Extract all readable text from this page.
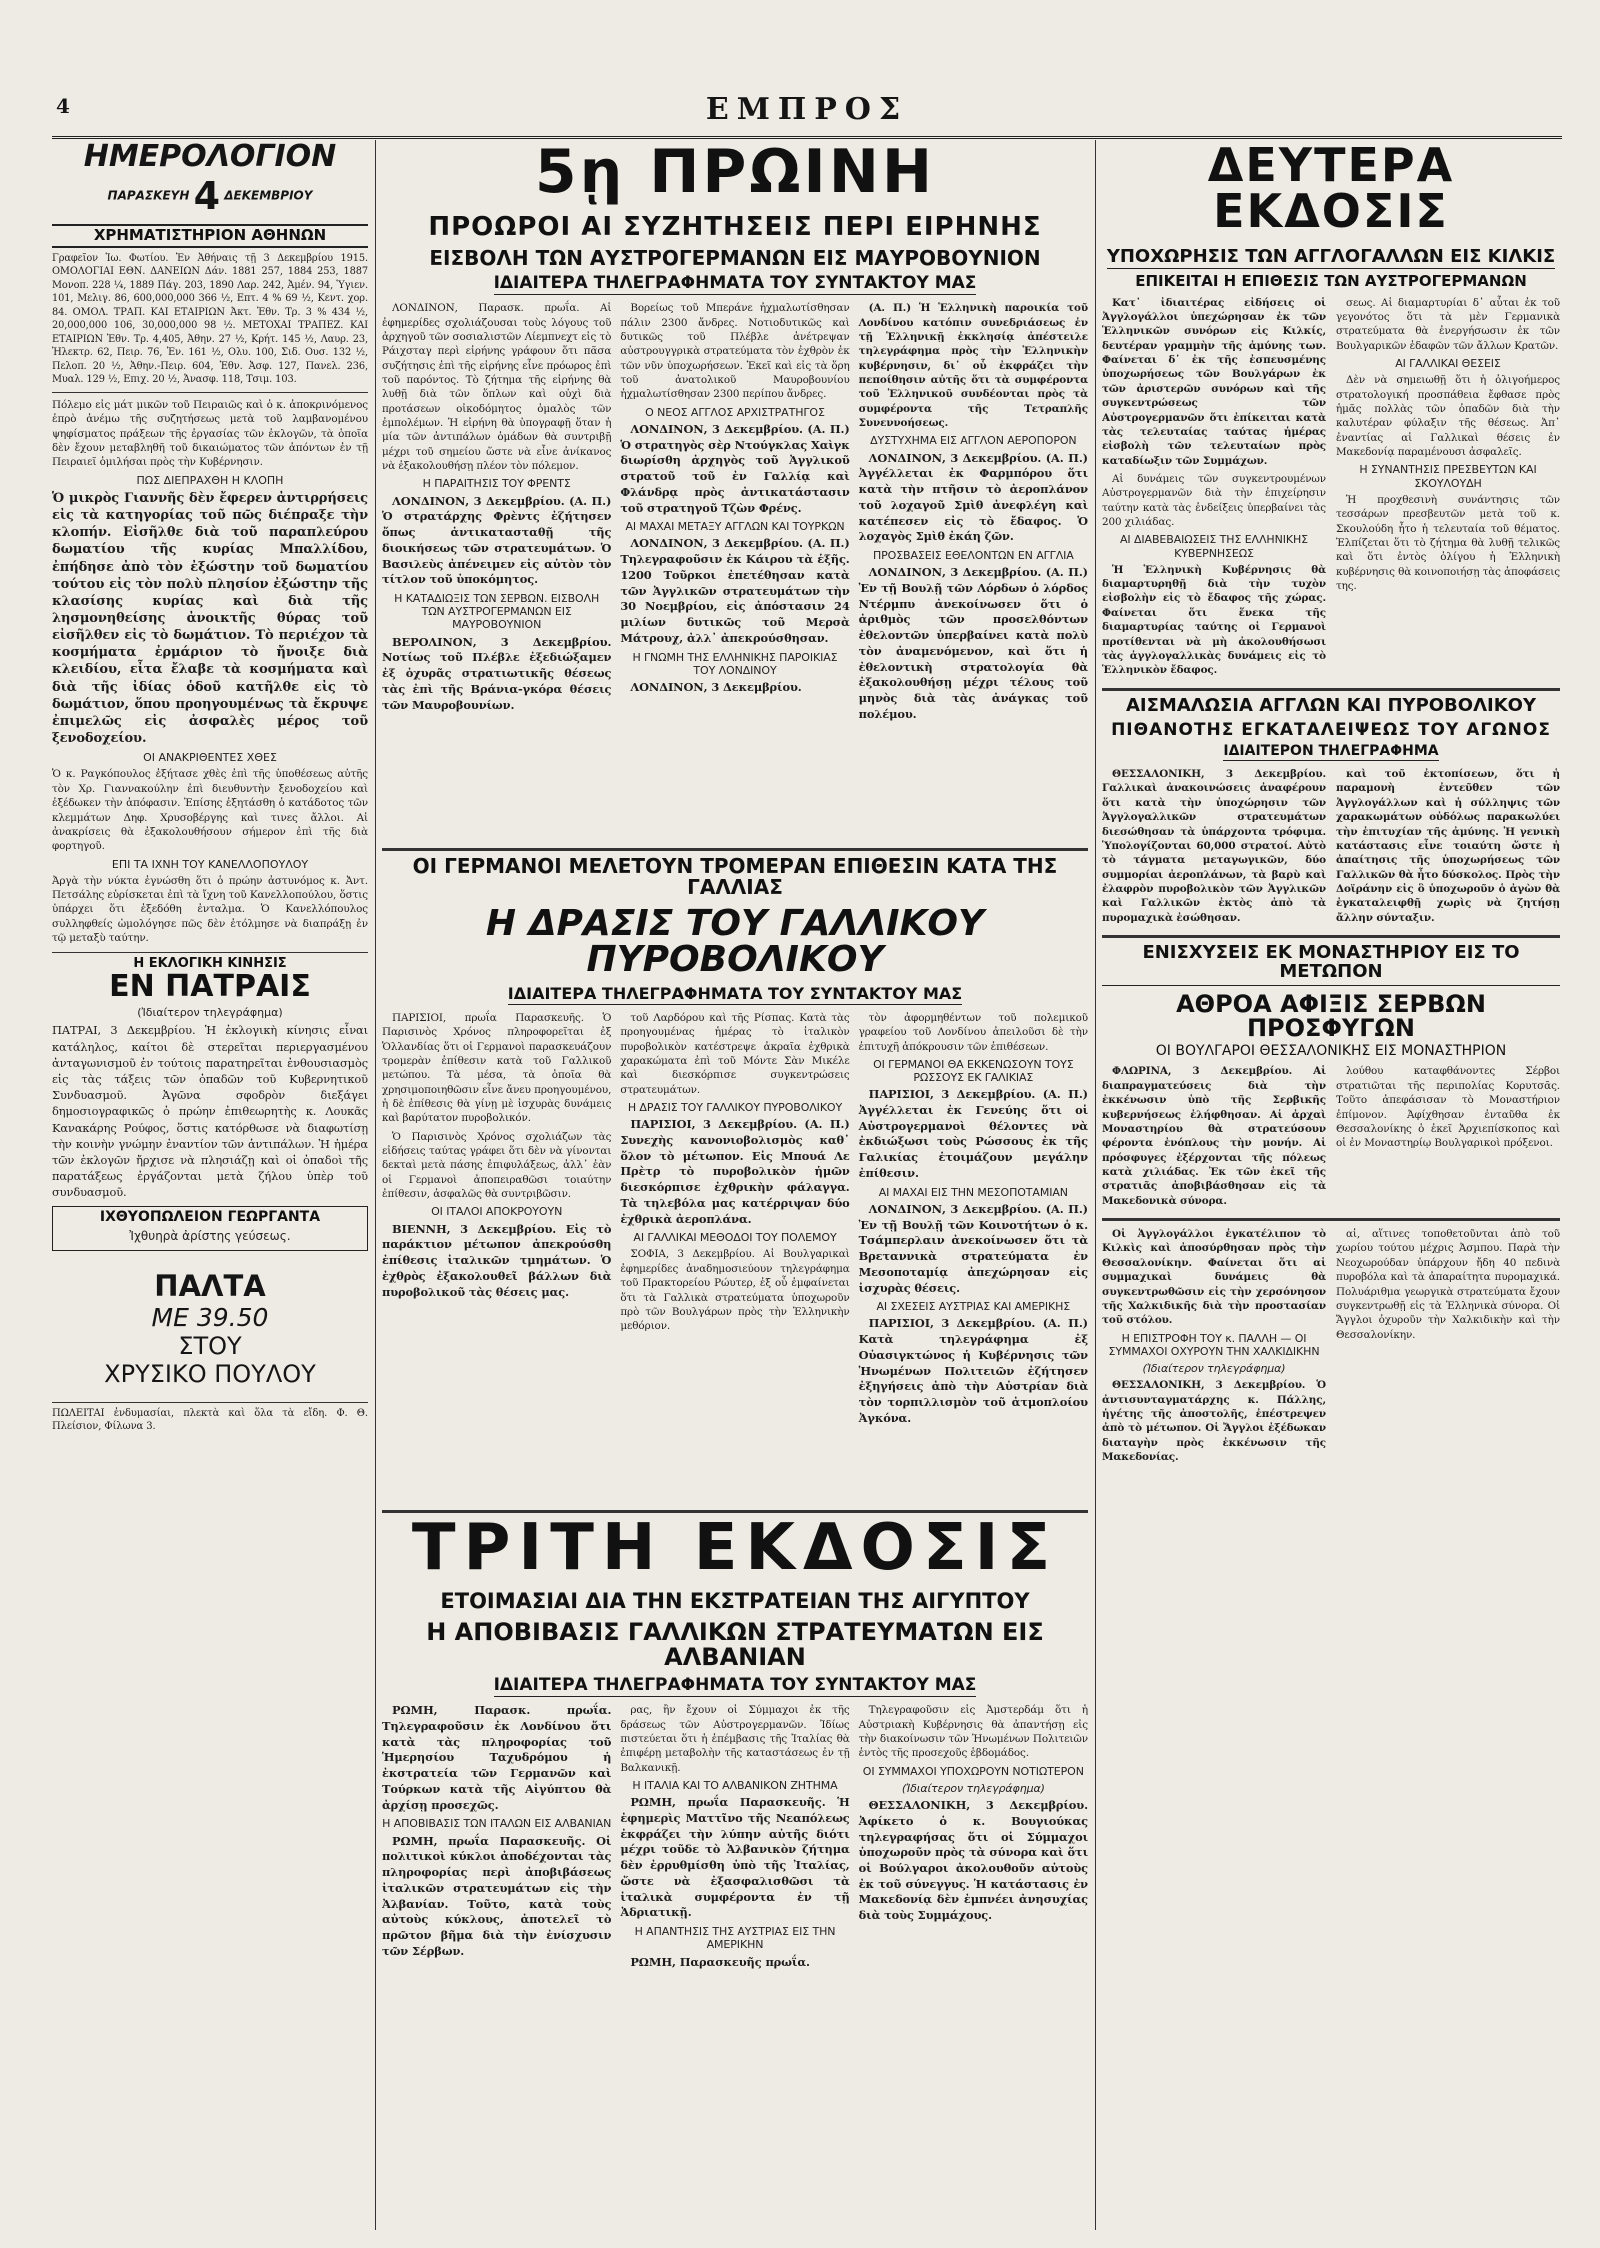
4	ΕΜΠΡΟΣ
ΗΜΕΡΟΛΟΓΙΟΝ
ΠΑΡΑΣΚΕΥΗ 4 ΔΕΚΕΜΒΡΙΟΥ
ΧΡΗΜΑΤΙΣΤΗΡΙΟΝ ΑΘΗΝΩΝ
Γραφεῖον Ἰω. Φωτίου. Ἐν Ἀθήναις τῇ 3 Δεκεμβρίου 1915. ΟΜΟΛΟΓΙΑΙ ΕΘΝ. ΔΑΝΕΙΩΝ Δάν. 1881 257, 1884 253, 1887 Μονοπ. 228 ¼, 1889 Πάγ. 203, 1890 Λαρ. 242, Ἀμέν. 94, Ὑγιεν. 101, Μελιγ. 86, 600,000,000 366 ½, Επτ. 4 % 69 ½, Κεντ. χορ. 84. ΟΜΟΛ. ΤΡΑΠ. ΚΑΙ ΕΤΑΙΡΙΩΝ Ἀκτ. Ἐθν. Τρ. 3 % 434 ½, 20,000,000 106, 30,000,000 98 ½. ΜΕΤΟΧΑΙ ΤΡΑΠΕΖ. ΚΑΙ ΕΤΑΙΡΙΩΝ Ἐθν. Τρ. 4,405, Ἀθην. 27 ½, Κρήτ. 145 ½, Λαυρ. 23, Ἠλεκτρ. 62, Πειρ. 76, Ἐν. 161 ½, Ολυ. 100, Σιδ. Ουσ. 132 ½, Πελοπ. 20 ½, Ἀθην.-Πειρ. 604, Ἐθν. Ἀσφ. 127, Πανελ. 236, Μυαλ. 129 ½, Επιχ. 20 ½, Ἀνασφ. 118, Τσιμ. 103.
Πόλεμο εἰς μάτ μικῶν τοῦ Πειραιῶς καὶ ὁ κ. ἀποκρινόμενος ἐπρὸ ἀνέμω τῆς συζητήσεως μετὰ τοῦ λαμβανομένου ψηφίσματος πράξεων τῆς ἐργασίας τῶν ἐκλογῶν, τὰ ὁποῖα δὲν ἔχουν μεταβληθῆ τοῦ δικαιώματος τῶν ἀπόντων ἐν τῇ Πειραιεῖ ὁμιλήσαι πρὸς τὴν Κυβέρνησιν.
ΠΩΣ ΔΙΕΠΡΑΧΘΗ Η ΚΛΟΠΗ
Ὁ μικρὸς Γιαννῆς δὲν ἔφερεν ἀντιρρήσεις εἰς τὰ κατηγορίας τοῦ πῶς διέπραξε τὴν κλοπήν. Εἰσῆλθε διὰ τοῦ παραπλεύρου δωματίου τῆς κυρίας Μπαλλίδου, ἐπήδησε ἀπὸ τὸν ἐξώστην τοῦ δωματίου τούτου εἰς τὸν πολὺ πλησίον ἐξώστην τῆς κλασίσης κυρίας καὶ διὰ τῆς λησμονηθείσης ἀνοικτῆς θύρας τοῦ εἰσῆλθεν εἰς τὸ δωμάτιον. Τὸ περιέχον τὰ κοσμήματα ἐρμάριον τὸ ἤνοιξε διὰ κλειδίου, εἶτα ἔλαβε τὰ κοσμήματα καὶ διὰ τῆς ἰδίας ὁδοῦ κατῆλθε εἰς τὸ δωμάτιον, ὅπου προηγουμένως τὰ ἔκρυψε ἐπιμελῶς εἰς ἀσφαλὲς μέρος τοῦ ξενοδοχείου.
ΟΙ ΑΝΑΚΡΙΘΕΝΤΕΣ ΧΘΕΣ
Ὁ κ. Ραγκόπουλος ἐξήτασε χθὲς ἐπὶ τῆς ὑποθέσεως αὐτῆς τὸν Χρ. Γιαννακούλην ἐπὶ διευθυντὴν ξενοδοχείου καὶ ἐξέδωκεν τὴν ἀπόφασιν. Ἐπίσης ἐξητάσθη ὁ κατάδοτος τῶν κλεμμάτων Δηφ. Χρυσοβέργης καὶ τινες ἄλλοι. Αἱ ἀνακρίσεις θὰ ἐξακολουθήσουν σήμερον ἐπὶ τῆς διὰ φορτηγοῦ.
ΕΠΙ ΤΑ ΙΧΝΗ ΤΟΥ ΚΑΝΕΛΛΟΠΟΥΛΟΥ
Ἀργὰ τὴν νύκτα ἐγνώσθη ὅτι ὁ πρώην ἀστυνόμος κ. Ἀντ. Πετσάλης εὑρίσκεται ἐπὶ τὰ ἴχνη τοῦ Κανελλοπούλου, ὅστις ὑπάρχει ὅτι ἐξεδόθη ἐνταλμα. Ὁ Κανελλόπουλος συλληφθείς ὡμολόγησε πῶς δὲν ἐτόλμησε νὰ διαπράξῃ ἐν τῷ μεταξὺ ταύτην.
Η ΕΚΛΟΓΙΚΗ ΚΙΝΗΣΙΣ
ΕΝ ΠΑΤΡΑΙΣ
(Ἰδιαίτερον τηλεγράφημα)
ΠΑΤΡΑΙ, 3 Δεκεμβρίου. Ἡ ἐκλογικὴ κίνησις εἶναι κατάληλος, καίτοι δὲ στερεῖται περιεργασμένου ἀνταγωνισμοῦ ἐν τούτοις παρατηρεῖται ἐνθουσιασμὸς εἰς τὰς τάξεις τῶν ὀπαδῶν τοῦ Κυβερνητικοῦ Συνδυασμοῦ. Ἀγῶνα σφοδρὸν διεξάγει δημοσιογραφικῶς ὁ πρώην ἐπιθεωρητὴς κ. Λουκᾶς Κανακάρης Ρούφος, ὅστις κατόρθωσε νὰ διαφωτίσῃ τὴν κοινὴν γνώμην ἐναντίον τῶν ἀντιπάλων. Ἡ ἡμέρα τῶν ἐκλογῶν ἤρχισε νὰ πλησιάζῃ καὶ οἱ ὀπαδοὶ τῆς παρατάξεως ἐργάζονται μετὰ ζήλου ὑπὲρ τοῦ συνδυασμοῦ.
ΙΧΘΥΟΠΩΛΕΙΟΝ ΓΕΩΡΓΑΝΤΑ
Ἰχθυηρὰ ἀρίστης γεύσεως.
ΠΑΛΤΑ
ΜΕ 39.50
ΣΤΟΥ
ΧΡΥΣΙΚΟ ΠΟΥΛΟΥ
ΠΩΛΕΙΤΑΙ ἐνδυμασίαι, πλεκτὰ καὶ ὅλα τὰ εἴδη. Φ. Θ. Πλείσιον, Φίλωνα 3.
5ῃ ΠΡΩΙΝΗ
ΠΡΟΩΡΟΙ ΑΙ ΣΥΖΗΤΗΣΕΙΣ ΠΕΡΙ ΕΙΡΗΝΗΣ
ΕΙΣΒΟΛΗ ΤΩΝ ΑΥΣΤΡΟΓΕΡΜΑΝΩΝ ΕΙΣ ΜΑΥΡΟΒΟΥΝΙΟΝ
ΙΔΙΑΙΤΕΡΑ ΤΗΛΕΓΡΑΦΗΜΑΤΑ ΤΟΥ ΣΥΝΤΑΚΤΟΥ ΜΑΣ

ΛΟΝΔΙΝΟΝ, Παρασκ. πρωΐα. Αἱ ἐφημερίδες σχολιάζουσαι τοὺς λόγους τοῦ ἀρχηγοῦ τῶν σοσιαλιστῶν Λίεμπνεχτ εἰς τὸ Ράιχσταγ περὶ εἰρήνης γράφουν ὅτι πᾶσα συζήτησις ἐπὶ τῆς εἰρήνης εἶνε πρόωρος ἐπὶ τοῦ παρόντος. Τὸ ζήτημα τῆς εἰρήνης θὰ λυθῇ διὰ τῶν ὅπλων καὶ οὐχὶ διὰ προτάσεων οἰκοδόμητος ὁμαλὸς τῶν ἐμπολέμων. Ἡ εἰρήνη θὰ ὑπογραφῇ ὅταν ἡ μία τῶν ἀντιπάλων ὁμάδων θὰ συντριβῇ μέχρι τοῦ σημείου ὥστε νὰ εἶνε ἀνίκανος νὰ ἐξακολουθήσῃ πλέον τὸν πόλεμον.

Η ΠΑΡΑΙΤΗΣΙΣ ΤΟΥ ΦΡΕΝΤΣ

ΛΟΝΔΙΝΟΝ, 3 Δεκεμβρίου. (Α. Π.) Ὁ στρατάρχης Φρὲντς ἐζήτησεν ὅπως ἀντικατασταθῇ τῆς διοικήσεως τῶν στρατευμάτων. Ὁ Βασιλεὺς ἀπένειμεν εἰς αὐτὸν τὸν τίτλον τοῦ ὑποκόμητος.

Η ΚΑΤΑΔΙΩΞΙΣ ΤΩΝ ΣΕΡΒΩΝ. ΕΙΣΒΟΛΗ ΤΩΝ ΑΥΣΤΡΟΓΕΡΜΑΝΩΝ ΕΙΣ ΜΑΥΡΟΒΟΥΝΙΟΝ

ΒΕΡΟΛΙΝΟΝ, 3 Δεκεμβρίου. Νοτίως τοῦ Πλέβλε ἐξεδιώξαμεν ἐξ ὀχυρᾶς στρατιωτικῆς θέσεως τὰς ἐπὶ τῆς Βράνια-γκόρα θέσεις τῶν Μαυροβουνίων.

Βορείως τοῦ Μπεράνε ἠχμαλωτίσθησαν πάλιν 2300 ἄνδρες. Νοτιοδυτικῶς καὶ δυτικῶς τοῦ Πλέβλε ἀνέτρεψαν αὐστρουγγρικὰ στρατεύματα τὸν ἐχθρὸν ἐκ τῶν νῦν ὑποχωρήσεων. Ἐκεῖ καὶ εἰς τὰ ὅρη τοῦ ἀνατολικοῦ Μαυροβουνίου ἠχμαλωτίσθησαν 2300 περίπου ἄνδρες.

Ο ΝΕΟΣ ΑΓΓΛΟΣ ΑΡΧΙΣΤΡΑΤΗΓΟΣ

ΛΟΝΔΙΝΟΝ, 3 Δεκεμβρίου. (Α. Π.) Ὁ στρατηγὸς σὲρ Ντούγκλας Χαὶγκ διωρίσθη ἀρχηγὸς τοῦ Ἀγγλικοῦ στρατοῦ τοῦ ἐν Γαλλίᾳ καὶ Φλάνδρᾳ πρὸς ἀντικατάστασιν τοῦ στρατηγοῦ Τζὼν Φρένς.

ΑΙ ΜΑΧΑΙ ΜΕΤΑΞΥ ΑΓΓΛΩΝ ΚΑΙ ΤΟΥΡΚΩΝ

ΛΟΝΔΙΝΟΝ, 3 Δεκεμβρίου. (Α. Π.) Τηλεγραφοῦσιν ἐκ Κάιρου τὰ ἑξῆς. 1200 Τοῦρκοι ἐπετέθησαν κατὰ τῶν Ἀγγλικῶν στρατευμάτων τὴν 30 Νοεμβρίου, εἰς ἀπόστασιν 24 μιλίων δυτικῶς τοῦ Μερσὰ Μάτρουχ, ἀλλ᾽ ἀπεκρούσθησαν.

Η ΓΝΩΜΗ ΤΗΣ ΕΛΛΗΝΙΚΗΣ ΠΑΡΟΙΚΙΑΣ ΤΟΥ ΛΟΝΔΙΝΟΥ

ΛΟΝΔΙΝΟΝ, 3 Δεκεμβρίου.

(Α. Π.) Ἡ Ἑλληνικὴ παροικία τοῦ Λονδίνου κατόπιν συνεδριάσεως ἐν τῇ Ἑλληνικῇ ἐκκλησίᾳ ἀπέστειλε τηλεγράφημα πρὸς τὴν Ἑλληνικὴν κυβέρνησιν, δι᾽ οὗ ἐκφράζει τὴν πεποίθησιν αὐτῆς ὅτι τὰ συμφέροντα τοῦ Ἑλληνικοῦ συνδέονται πρὸς τὰ συμφέροντα τῆς Τετραπλῆς Συνεννοήσεως.

ΔΥΣΤΥΧΗΜΑ ΕΙΣ ΑΓΓΛΟΝ ΑΕΡΟΠΟΡΟΝ

ΛΟΝΔΙΝΟΝ, 3 Δεκεμβρίου. (Α. Π.) Ἀγγέλλεται ἐκ Φαρμπόρου ὅτι κατὰ τὴν πτῆσιν τὸ ἀεροπλάνον τοῦ λοχαγοῦ Σμὶθ ἀνεφλέγη καὶ κατέπεσεν εἰς τὸ ἔδαφος. Ὁ λοχαγὸς Σμὶθ ἐκάη ζῶν.

ΠΡΟΣΒΑΣΕΙΣ ΕΘΕΛΟΝΤΩΝ ΕΝ ΑΓΓΛΙΑ

ΛΟΝΔΙΝΟΝ, 3 Δεκεμβρίου. (Α. Π.) Ἐν τῇ Βουλῇ τῶν Λόρδων ὁ λόρδος Ντέρμπυ ἀνεκοίνωσεν ὅτι ὁ ἀριθμὸς τῶν προσελθόντων ἐθελοντῶν ὑπερβαίνει κατὰ πολὺ τὸν ἀναμενόμενον, καὶ ὅτι ἡ ἐθελοντικὴ στρατολογία θὰ ἐξακολουθήσῃ μέχρι τέλους τοῦ μηνὸς διὰ τὰς ἀνάγκας τοῦ πολέμου.

ΟΙ ΓΕΡΜΑΝΟΙ ΜΕΛΕΤΟΥΝ ΤΡΟΜΕΡΑΝ ΕΠΙΘΕΣΙΝ ΚΑΤΑ ΤΗΣ ΓΑΛΛΙΑΣ
Η ΔΡΑΣΙΣ ΤΟΥ ΓΑΛΛΙΚΟΥ ΠΥΡΟΒΟΛΙΚΟΥ
ΙΔΙΑΙΤΕΡΑ ΤΗΛΕΓΡΑΦΗΜΑΤΑ ΤΟΥ ΣΥΝΤΑΚΤΟΥ ΜΑΣ

ΠΑΡΙΣΙΟΙ, πρωΐα Παρασκευῆς. Ὁ Παρισινὸς Χρόνος πληροφορεῖται ἐξ Ὁλλανδίας ὅτι οἱ Γερμανοὶ παρασκευάζουν τρομερὰν ἐπίθεσιν κατὰ τοῦ Γαλλικοῦ μετώπου. Τὰ μέσα, τὰ ὁποῖα θὰ χρησιμοποιηθῶσιν εἶνε ἄνευ προηγουμένου, ἡ δὲ ἐπίθεσις θὰ γίνῃ μὲ ἰσχυρὰς δυνάμεις καὶ βαρύτατον πυροβολικόν.

Ὁ Παρισινὸς Χρόνος σχολιάζων τὰς εἰδήσεις ταύτας γράφει ὅτι δὲν νὰ γίνονται δεκταὶ μετὰ πάσης ἐπιφυλάξεως, ἀλλ᾽ ἐὰν οἱ Γερμανοὶ ἀποπειραθῶσι τοιαύτην ἐπίθεσιν, ἀσφαλῶς θὰ συντριβῶσιν.

ΟΙ ΙΤΑΛΟΙ ΑΠΟΚΡΟΥΟΥΝ

ΒΙΕΝΝΗ, 3 Δεκεμβρίου. Εἰς τὸ παράκτιον μέτωπον ἀπεκρούσθη ἐπίθεσις ἰταλικῶν τμημάτων. Ὁ ἐχθρὸς ἐξακολουθεῖ βάλλων διὰ πυροβολικοῦ τὰς θέσεις μας.

τοῦ Λαρδόρου καὶ τῆς Ρίσπας. Κατὰ τὰς προηγουμένας ἡμέρας τὸ ἰταλικὸν πυροβολικὸν κατέστρεψε ἀκραῖα ἐχθρικὰ χαρακώματα ἐπὶ τοῦ Μόντε Σὰν Μικέλε καὶ διεσκόρπισε συγκεντρώσεις στρατευμάτων.

Η ΔΡΑΣΙΣ ΤΟΥ ΓΑΛΛΙΚΟΥ ΠΥΡΟΒΟΛΙΚΟΥ

ΠΑΡΙΣΙΟΙ, 3 Δεκεμβρίου. (Α. Π.) Συνεχὴς κανονιοβολισμὸς καθ᾽ ὅλον τὸ μέτωπον. Εἰς Μπουά Λε Πρὲτρ τὸ πυροβολικὸν ἡμῶν διεσκόρπισε ἐχθρικὴν φάλαγγα. Τὰ τηλεβόλα μας κατέρριψαν δύο ἐχθρικὰ ἀεροπλάνα.

ΑΙ ΓΑΛΛΙΚΑΙ ΜΕΘΟΔΟΙ ΤΟΥ ΠΟΛΕΜΟΥ

ΣΟΦΙΑ, 3 Δεκεμβρίου. Αἱ Βουλγαρικαὶ ἐφημερίδες ἀναδημοσιεύουν τηλεγράφημα τοῦ Πρακτορείου Ρώυτερ, ἐξ οὗ ἐμφαίνεται ὅτι τὰ Γαλλικὰ στρατεύματα ὑποχωροῦν πρὸ τῶν Βουλγάρων πρὸς τὴν Ἑλληνικὴν μεθόριον.

τὸν ἀφορμηθέντων τοῦ πολεμικοῦ γραφείου τοῦ Λονδίνου ἀπειλοῦσι δὲ τὴν ἐπιτυχῆ ἀπόκρουσιν τῶν ἐπιθέσεων.

ΟΙ ΓΕΡΜΑΝΟΙ ΘΑ ΕΚΚΕΝΩΣΟΥΝ ΤΟΥΣ ΡΩΣΣΟΥΣ ΕΚ ΓΑΛΙΚΙΑΣ

ΠΑΡΙΣΙΟΙ, 3 Δεκεμβρίου. (Α. Π.) Ἀγγέλλεται ἐκ Γενεύης ὅτι οἱ Αὐστρογερμανοὶ θέλοντες νὰ ἐκδιώξωσι τοὺς Ρώσσους ἐκ τῆς Γαλικίας ἑτοιμάζουν μεγάλην ἐπίθεσιν.

ΑΙ ΜΑΧΑΙ ΕΙΣ ΤΗΝ ΜΕΣΟΠΟΤΑΜΙΑΝ

ΛΟΝΔΙΝΟΝ, 3 Δεκεμβρίου. (Α. Π.) Ἐν τῇ Βουλῇ τῶν Κοινοτήτων ὁ κ. Τσάμπερλαιν ἀνεκοίνωσεν ὅτι τὰ Βρεταννικὰ στρατεύματα ἐν Μεσοποταμίᾳ ἀπεχώρησαν εἰς ἰσχυρὰς θέσεις.

ΑΙ ΣΧΕΣΕΙΣ ΑΥΣΤΡΙΑΣ ΚΑΙ ΑΜΕΡΙΚΗΣ

ΠΑΡΙΣΙΟΙ, 3 Δεκεμβρίου. (Α. Π.) Κατὰ τηλεγράφημα ἐξ Οὐασιγκτώνος ἡ Κυβέρνησις τῶν Ἡνωμένων Πολιτειῶν ἐζήτησεν ἐξηγήσεις ἀπὸ τὴν Αὐστρίαν διὰ τὸν τορπιλλισμὸν τοῦ ἀτμοπλοίου Ἀγκόνα.

ΤΡΙΤΗ ΕΚΔΟΣΙΣ
ΕΤΟΙΜΑΣΙΑΙ ΔΙΑ ΤΗΝ ΕΚΣΤΡΑΤΕΙΑΝ ΤΗΣ ΑΙΓΥΠΤΟΥ
Η ΑΠΟΒΙΒΑΣΙΣ ΓΑΛΛΙΚΩΝ ΣΤΡΑΤΕΥΜΑΤΩΝ ΕΙΣ ΑΛΒΑΝΙΑΝ
ΙΔΙΑΙΤΕΡΑ ΤΗΛΕΓΡΑΦΗΜΑΤΑ ΤΟΥ ΣΥΝΤΑΚΤΟΥ ΜΑΣ

ΡΩΜΗ, Παρασκ. πρωΐα. Τηλεγραφοῦσιν ἐκ Λονδίνου ὅτι κατὰ τὰς πληροφορίας τοῦ Ἡμερησίου Ταχυδρόμου ἡ ἐκστρατεία τῶν Γερμανῶν καὶ Τούρκων κατὰ τῆς Αἰγύπτου θὰ ἀρχίσῃ προσεχῶς.

Η ΑΠΟΒΙΒΑΣΙΣ ΤΩΝ ΙΤΑΛΩΝ ΕΙΣ ΑΛΒΑΝΙΑΝ

ΡΩΜΗ, πρωΐα Παρασκευῆς. Οἱ πολιτικοὶ κύκλοι ἀποδέχονται τὰς πληροφορίας περὶ ἀποβιβάσεως ἰταλικῶν στρατευμάτων εἰς τὴν Ἀλβανίαν. Τοῦτο, κατὰ τοὺς αὐτοὺς κύκλους, ἀποτελεῖ τὸ πρῶτον βῆμα διὰ τὴν ἐνίσχυσιν τῶν Σέρβων.

ρας, ἢν ἔχουν οἱ Σύμμαχοι ἐκ τῆς δράσεως τῶν Αὐστρογερμανῶν. Ἰδίως πιστεύεται ὅτι ἡ ἐπέμβασις τῆς Ἰταλίας θὰ ἐπιφέρῃ μεταβολὴν τῆς καταστάσεως ἐν τῇ Βαλκανικῇ.

Η ΙΤΑΛΙΑ ΚΑΙ ΤΟ ΑΛΒΑΝΙΚΟΝ ΖΗΤΗΜΑ

ΡΩΜΗ, πρωΐα Παρασκευῆς. Ἡ ἐφημερὶς Ματτῖνο τῆς Νεαπόλεως ἐκφράζει τὴν λύπην αὐτῆς διότι μέχρι τοῦδε τὸ Ἀλβανικὸν ζήτημα δὲν ἐρρυθμίσθη ὑπὸ τῆς Ἰταλίας, ὥστε νὰ ἐξασφαλισθῶσι τὰ ἰταλικὰ συμφέροντα ἐν τῇ Ἀδριατικῇ.

Η ΑΠΑΝΤΗΣΙΣ ΤΗΣ ΑΥΣΤΡΙΑΣ ΕΙΣ ΤΗΝ ΑΜΕΡΙΚΗΝ

ΡΩΜΗ, Παρασκευῆς πρωΐα.

Τηλεγραφοῦσιν εἰς Ἀμστερδάμ ὅτι ἡ Αὐστριακὴ Κυβέρνησις θὰ ἀπαντήσῃ εἰς τὴν διακοίνωσιν τῶν Ἡνωμένων Πολιτειῶν ἐντὸς τῆς προσεχοῦς ἑβδομάδος.

ΟΙ ΣΥΜΜΑΧΟΙ ΥΠΟΧΩΡΟΥΝ ΝΟΤΙΩΤΕΡΟΝ
(Ἰδιαίτερον τηλεγράφημα)

ΘΕΣΣΑΛΟΝΙΚΗ, 3 Δεκεμβρίου. Ἀφίκετο ὁ κ. Βουγιούκας τηλεγραφήσας ὅτι οἱ Σύμμαχοι ὑποχωροῦν πρὸς τὰ σύνορα καὶ ὅτι οἱ Βούλγαροι ἀκολουθοῦν αὐτοὺς ἐκ τοῦ σύνεγγυς. Ἡ κατάστασις ἐν Μακεδονίᾳ δὲν ἐμπνέει ἀνησυχίας διὰ τοὺς Συμμάχους.

ΔΕΥΤΕΡΑ ΕΚΔΟΣΙΣ
ΥΠΟΧΩΡΗΣΙΣ ΤΩΝ ΑΓΓΛΟΓΑΛΛΩΝ ΕΙΣ ΚΙΛΚΙΣ
ΕΠΙΚΕΙΤΑΙ Η ΕΠΙΘΕΣΙΣ ΤΩΝ ΑΥΣΤΡΟΓΕΡΜΑΝΩΝ

Κατ᾽ ἰδιαιτέρας εἰδήσεις οἱ Ἀγγλογάλλοι ὑπεχώρησαν ἐκ τῶν Ἑλληνικῶν συνόρων εἰς Κιλκίς, δευτέραν γραμμὴν τῆς ἀμύνης των. Φαίνεται δ᾽ ἐκ τῆς ἐσπευσμένης ὑποχωρήσεως τῶν Βουλγάρων ἐκ τῶν ἀριστερῶν συνόρων καὶ τῆς συγκεντρώσεως τῶν Αὐστρογερμανῶν ὅτι ἐπίκειται κατὰ τὰς τελευταίας ταύτας ἡμέρας εἰσβολὴ τῶν τελευταίων πρὸς καταδίωξιν τῶν Συμμάχων.

Αἱ δυνάμεις τῶν συγκεντρουμένων Αὐστρογερμανῶν διὰ τὴν ἐπιχείρησιν ταύτην κατὰ τὰς ἐνδείξεις ὑπερβαίνει τὰς 200 χιλιάδας.

ΑΙ ΔΙΑΒΕΒΑΙΩΣΕΙΣ ΤΗΣ ΕΛΛΗΝΙΚΗΣ ΚΥΒΕΡΝΗΣΕΩΣ

Ἡ Ἑλληνικὴ Κυβέρνησις θὰ διαμαρτυρηθῇ διὰ τὴν τυχὸν εἰσβολὴν εἰς τὸ ἔδαφος τῆς χώρας. Φαίνεται ὅτι ἕνεκα τῆς διαμαρτυρίας ταύτης οἱ Γερμανοὶ προτίθενται νὰ μὴ ἀκολουθήσωσι τὰς ἀγγλογαλλικὰς δυνάμεις εἰς τὸ Ἑλληνικὸν ἔδαφος.

σεως. Αἱ διαμαρτυρίαι δ᾽ αὗται ἐκ τοῦ γεγονότος ὅτι τὰ μὲν Γερμανικὰ στρατεύματα θὰ ἐνεργήσωσιν ἐκ τῶν Βουλγαρικῶν ἐδαφῶν τῶν ἄλλων Κρατῶν.

ΑΙ ΓΑΛΛΙΚΑΙ ΘΕΣΕΙΣ

Δὲν νὰ σημειωθῇ ὅτι ἡ ὀλιγοήμερος στρατολογική προσπάθεια ἔφθασε πρὸς ἡμᾶς πολλὰς τῶν ὀπαδῶν διὰ τὴν καλυτέραν φύλαξιν τῆς θέσεως. Ἀπ᾽ ἐναντίας αἱ Γαλλικαὶ θέσεις ἐν Μακεδονίᾳ παραμένουσι ἀσφαλεῖς.

Η ΣΥΝΑΝΤΗΣΙΣ ΠΡΕΣΒΕΥΤΩΝ ΚΑΙ ΣΚΟΥΛΟΥΔΗ

Ἡ προχθεσινὴ συνάντησις τῶν τεσσάρων πρεσβευτῶν μετὰ τοῦ κ. Σκουλούδη ἦτο ἡ τελευταία τοῦ θέματος. Ἐλπίζεται ὅτι τὸ ζήτημα θὰ λυθῇ τελικῶς καὶ ὅτι ἐντὸς ὀλίγου ἡ Ἑλληνικὴ κυβέρνησις θὰ κοινοποιήσῃ τὰς ἀποφάσεις της.

ΑΙΣΜΑΛΩΣΙΑ ΑΓΓΛΩΝ ΚΑΙ ΠΥΡΟΒΟΛΙΚΟΥ
ΠΙΘΑΝΟΤΗΣ ΕΓΚΑΤΑΛΕΙΨΕΩΣ ΤΟΥ ΑΓΩΝΟΣ
ΙΔΙΑΙΤΕΡΟΝ ΤΗΛΕΓΡΑΦΗΜΑ

ΘΕΣΣΑΛΟΝΙΚΗ, 3 Δεκεμβρίου. Γαλλικαὶ ἀνακοινώσεις ἀναφέρουν ὅτι κατὰ τὴν ὑποχώρησιν τῶν Ἀγγλογαλλικῶν στρατευμάτων διεσώθησαν τὰ ὑπάρχοντα τρόφιμα. Ὑπολογίζονται 60,000 στρατοί. Αὐτὸ τὸ τάγματα μεταγωγικῶν, δύο συμμορίαι ἀεροπλάνων, τὰ βαρὺ καὶ ἐλαφρὸν πυροβολικὸν τῶν Ἀγγλικῶν καὶ Γαλλικῶν ἐκτὸς ἀπὸ τὰ πυρομαχικὰ ἐσώθησαν.

καὶ τοῦ ἐκτοπίσεων, ὅτι ἡ παραμονὴ ἐντεῦθεν τῶν Ἀγγλογάλλων καὶ ἡ σύλληψις τῶν χαρακωμάτων οὐδόλως παρακωλύει τὴν ἐπιτυχίαν τῆς ἀμύνης. Ἡ γενικὴ κατάστασις εἶνε τοιαύτη ὥστε ἡ ἀπαίτησις τῆς ὑποχωρήσεως τῶν Γαλλικῶν θὰ ἦτο δύσκολος. Πρὸς τὴν Δοϊράνην εἰς ὃ ὑποχωροῦν ὁ ἀγὼν θὰ ἐγκαταλειφθῇ χωρὶς νὰ ζητήσῃ ἄλλην σύνταξιν.

ΕΝΙΣΧΥΣΕΙΣ ΕΚ ΜΟΝΑΣΤΗΡΙΟΥ ΕΙΣ ΤΟ ΜΕΤΩΠΟΝ
ΑΘΡΟΑ ΑΦΙΞΙΣ ΣΕΡΒΩΝ ΠΡΟΣΦΥΓΩΝ
ΟΙ ΒΟΥΛΓΑΡΟΙ ΘΕΣΣΑΛΟΝΙΚΗΣ ΕΙΣ ΜΟΝΑΣΤΗΡΙΟΝ

ΦΛΩΡΙΝΑ, 3 Δεκεμβρίου. Αἱ διαπραγματεύσεις διὰ τὴν ἐκκένωσιν ὑπὸ τῆς Σερβικῆς κυβερνήσεως ἐλήφθησαν. Αἱ ἀρχαὶ Μοναστηρίου θὰ στρατεύσουν φέροντα ἐνόπλους τὴν μονήν. Αἱ πρόσφυγες ἐξέρχονται τῆς πόλεως κατὰ χιλιάδας. Ἐκ τῶν ἐκεῖ τῆς στρατιᾶς ἀποβιβάσθησαν εἰς τὰ Μακεδονικὰ σύνορα.

λούθου καταφθάνοντες Σέρβοι στρατιῶται τῆς περιπολίας Κορυτσᾶς. Τοῦτο ἀπεφάσισαν τὸ Μοναστήριον ἐπίμονον. Ἀφίχθησαν ἐνταῦθα ἐκ Θεσσαλονίκης ὁ ἐκεῖ Ἀρχιεπίσκοπος καὶ οἱ ἐν Μοναστηρίῳ Βουλγαρικοὶ πρόξενοι.

Οἱ Ἀγγλογάλλοι ἐγκατέλιπον τὸ Κιλκὶς καὶ ἀποσύρθησαν πρὸς τὴν Θεσσαλονίκην. Φαίνεται ὅτι αἱ συμμαχικαὶ δυνάμεις θὰ συγκεντρωθῶσιν εἰς τὴν χερσόνησον τῆς Χαλκιδικῆς διὰ τὴν προστασίαν τοῦ στόλου.

Η ΕΠΙΣΤΡΟΦΗ ΤΟΥ κ. ΠΑΛΛΗ — ΟΙ ΣΥΜΜΑΧΟΙ ΟΧΥΡΟΥΝ ΤΗΝ ΧΑΛΚΙΔΙΚΗΝ
(Ἰδιαίτερον τηλεγράφημα)

ΘΕΣΣΑΛΟΝΙΚΗ, 3 Δεκεμβρίου. Ὁ ἀντισυνταγματάρχης κ. Πάλλης, ἡγέτης τῆς ἀποστολῆς, ἐπέστρεψεν ἀπὸ τὸ μέτωπον. Οἱ Ἄγγλοι ἐξέδωκαν διαταγὴν πρὸς ἐκκένωσιν τῆς Μακεδονίας.

αἱ, αἵτινες τοποθετοῦνται ἀπὸ τοῦ χωρίου τούτου μέχρις Ἀσμπου. Παρὰ τὴν Νεοχωρούδαν ὑπάρχουν ἤδη 40 πεδινὰ πυροβόλα καὶ τὰ ἀπαραίτητα πυρομαχικά. Πολυάριθμα γεωργικὰ στρατεύματα ἔχουν συγκεντρωθῇ εἰς τὰ Ἑλληνικὰ σύνορα. Οἱ Ἄγγλοι ὀχυροῦν τὴν Χαλκιδικὴν καὶ τὴν Θεσσαλονίκην.
